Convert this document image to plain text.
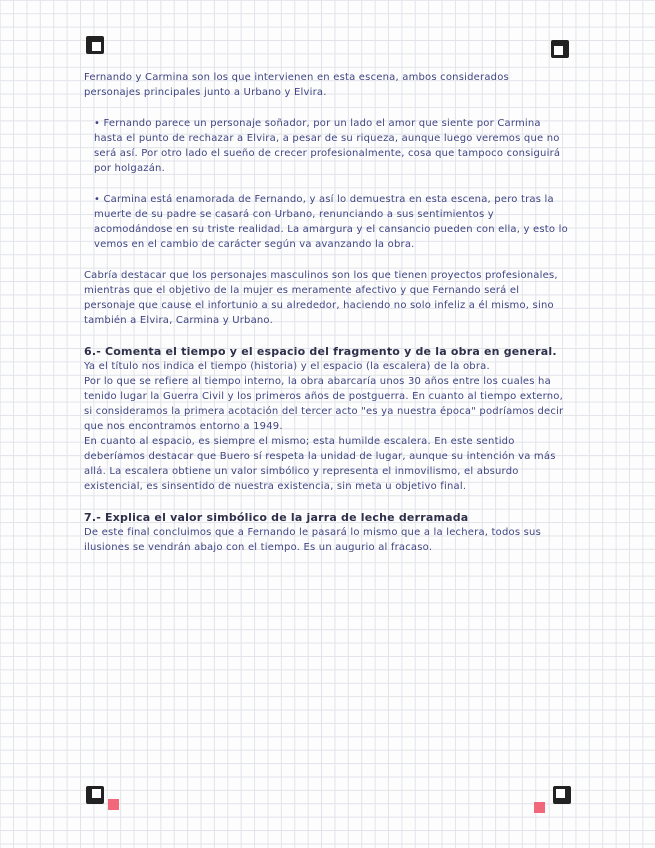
Fernando y Carmina son los que intervienen en esta escena, ambos considerados personajes principales junto a Urbano y Elvira.

• Fernando parece un personaje soñador, por un lado el amor que siente por Carmina hasta el punto de rechazar a Elvira, a pesar de su riqueza, aunque luego veremos que no será así. Por otro lado el sueño de crecer profesionalmente, cosa que tampoco consiguirá por holgazán.

• Carmina está enamorada de Fernando, y así lo demuestra en esta escena, pero tras la muerte de su padre se casará con Urbano, renunciando a sus sentimientos y acomodándose en su triste realidad. La amargura y el cansancio pueden con ella, y esto lo vemos en el cambio de carácter según va avanzando la obra.

Cabría destacar que los personajes masculinos son los que tienen proyectos profesionales, mientras que el objetivo de la mujer es meramente afectivo y que Fernando será el personaje que cause el infortunio a su alrededor, haciendo no solo infeliz a él mismo, sino también a Elvira, Carmina y Urbano.

6.- Comenta el tiempo y el espacio del fragmento y de la obra en general.

Ya el título nos indica el tiempo (historia) y el espacio (la escalera) de la obra.

Por lo que se refiere al tiempo interno, la obra abarcaría unos 30 años entre los cuales ha tenido lugar la Guerra Civil y los primeros años de postguerra. En cuanto al tiempo externo, si consideramos la primera acotación del tercer acto "es ya nuestra época" podríamos decir que nos encontramos entorno a 1949.

En cuanto al espacio, es siempre el mismo; esta humilde escalera. En este sentido deberíamos destacar que Buero sí respeta la unidad de lugar, aunque su intención va más allá. La escalera obtiene un valor simbólico y representa el inmovilismo, el absurdo existencial, es sinsentido de nuestra existencia, sin meta u objetivo final.

7.- Explica el valor simbólico de la jarra de leche derramada

De este final concluimos que a Fernando le pasará lo mismo que a la lechera, todos sus ilusiones se vendrán abajo con el tiempo. Es un augurio al fracaso.
